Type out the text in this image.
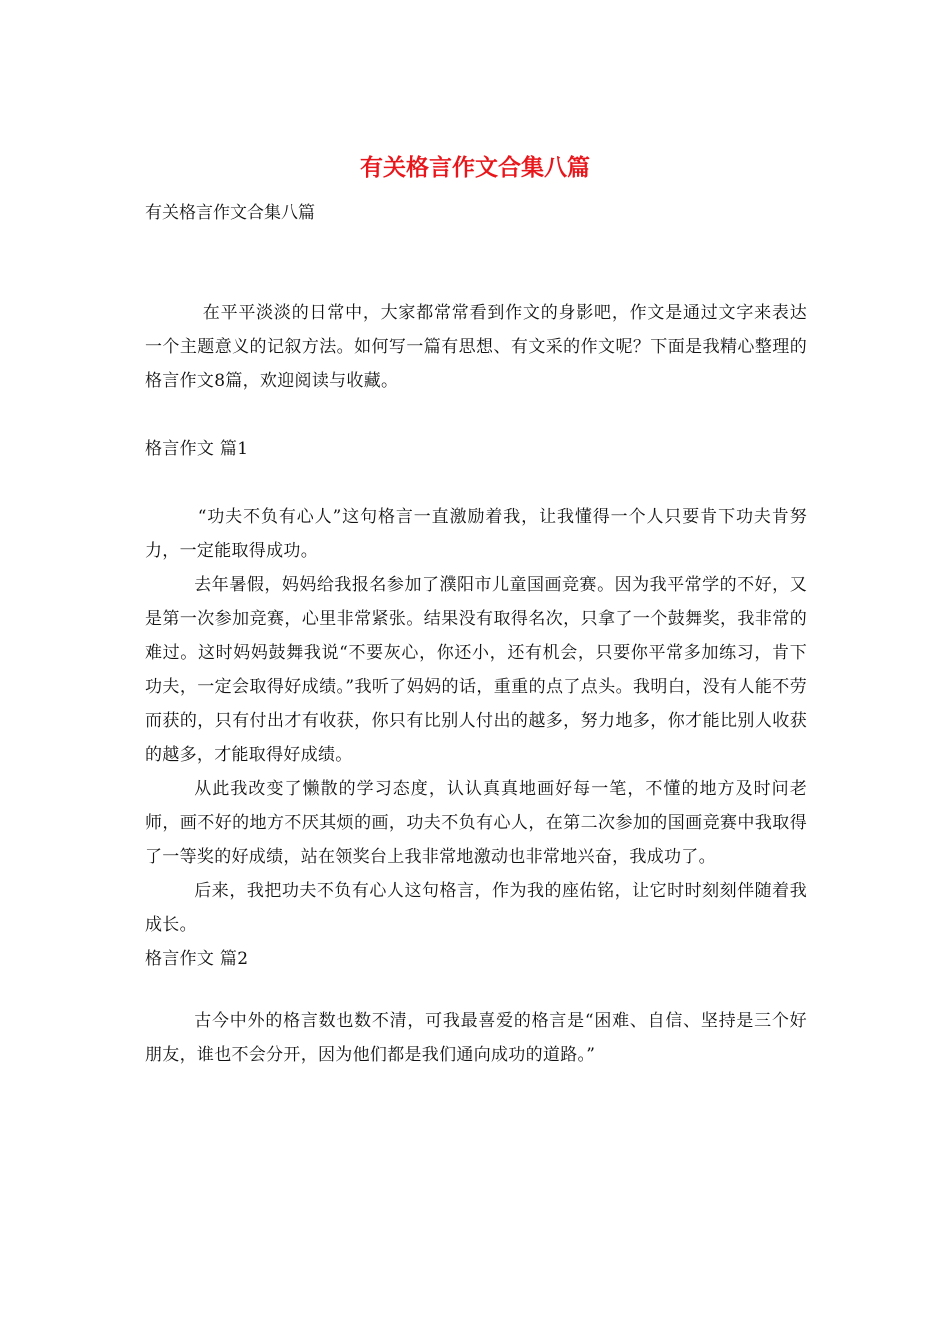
有关格言作文合集八篇
有关格言作文合集八篇

在平平淡淡的日常中，大家都常常看到作文的身影吧，作文是通过文字来表达一个主题意义的记叙方法。如何写一篇有思想、有文采的作文呢？下面是我精心整理的格言作文8篇，欢迎阅读与收藏。

格言作文 篇1

“功夫不负有心人”这句格言一直激励着我，让我懂得一个人只要肯下功夫肯努力，一定能取得成功。

去年暑假，妈妈给我报名参加了濮阳市儿童国画竞赛。因为我平常学的不好，又是第一次参加竞赛，心里非常紧张。结果没有取得名次，只拿了一个鼓舞奖，我非常的难过。这时妈妈鼓舞我说“不要灰心，你还小，还有机会，只要你平常多加练习，肯下功夫，一定会取得好成绩。”我听了妈妈的话，重重的点了点头。我明白，没有人能不劳而获的，只有付出才有收获，你只有比别人付出的越多，努力地多，你才能比别人收获的越多，才能取得好成绩。

从此我改变了懒散的学习态度，认认真真地画好每一笔，不懂的地方及时问老师，画不好的地方不厌其烦的画，功夫不负有心人，在第二次参加的国画竞赛中我取得了一等奖的好成绩，站在领奖台上我非常地激动也非常地兴奋，我成功了。

后来，我把功夫不负有心人这句格言，作为我的座佑铭，让它时时刻刻伴随着我成长。

格言作文 篇2

古今中外的格言数也数不清，可我最喜爱的格言是“困难、自信、坚持是三个好朋友，谁也不会分开，因为他们都是我们通向成功的道路。”
